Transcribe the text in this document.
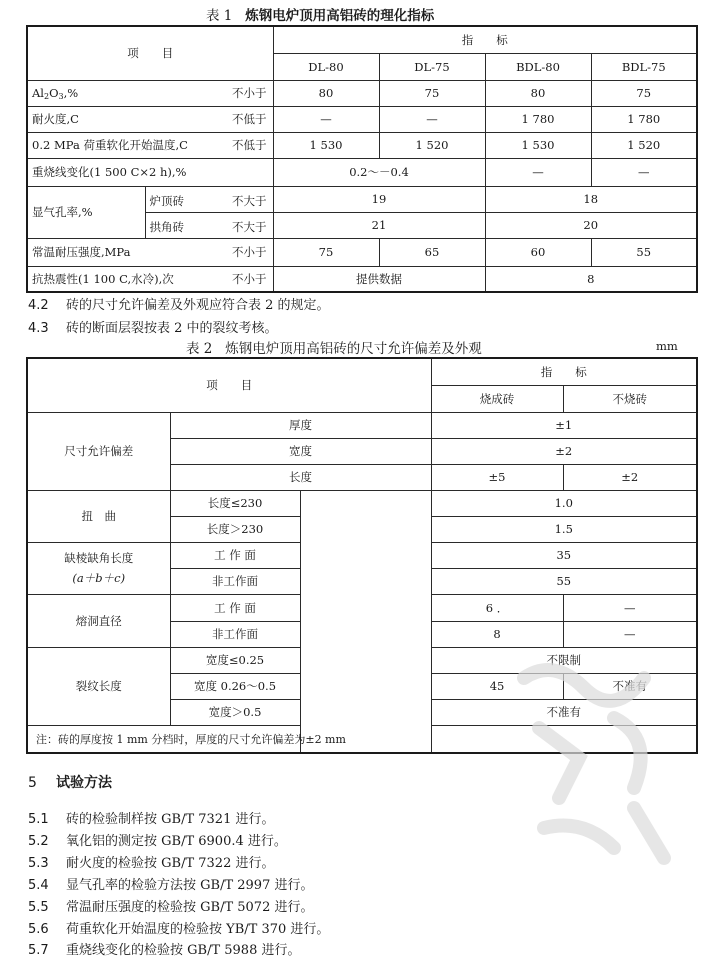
表 1 炼钢电炉顶用高铝砖的理化指标
项　　目		指　　标			
		DL-80	DL-75	BDL-80	BDL-75
$Al_2O_3,\%$	不小于	80	75	80	75
耐火度,C	不低于	—	—	1 780	1 780
0.2 MPa 荷重软化开始温度,C	不低于	1 530	1 520	1 530	1 520
重烧线变化(1 500 C×2 h),%		0.2～－0.4		—	—
显气孔率,%	炉顶砖 不大于	19		18	

	拱角砖 不大于	21		20	
常温耐压强度,MPa	不小于	75	65	60	55
抗热震性(1 100 C,水冷),次	不小于	提供数据		8	
4.2 砖的尺寸允许偏差及外观应符合表 2 的规定。
4.3 砖的断面层裂按表 2 中的裂纹考核。
表 2 炼钢电炉顶用高铝砖的尺寸允许偏差及外观	mm
项　　目			指　　标	
			烧成砖	不烧砖
尺寸允许偏差	厚度		±1	
	宽度		±2	
	长度		±5	±2
扭　曲	长度≤230		1.0	
	长度＞230		1.5	

缺棱缺角长度
(a＋b＋c)	工 作 面		35	
	非工作面		55	
熔洞直径	工 作 面		6 ．	—
	非工作面		8	—
裂纹长度	宽度≤0.25		不限制	
	宽度 0.26～0.5		45	不准有
	宽度＞0.5		不准有	
注：砖的厚度按 1 mm 分档时，厚度的尺寸允许偏差为±2 mm				
5 试验方法
5.1 砖的检验制样按 GB/T 7321 进行。
5.2 氧化铝的测定按 GB/T 6900.4 进行。
5.3 耐火度的检验按 GB/T 7322 进行。
5.4 显气孔率的检验方法按 GB/T 2997 进行。
5.5 常温耐压强度的检验按 GB/T 5072 进行。
5.6 荷重软化开始温度的检验按 YB/T 370 进行。
5.7 重烧线变化的检验按 GB/T 5988 进行。
